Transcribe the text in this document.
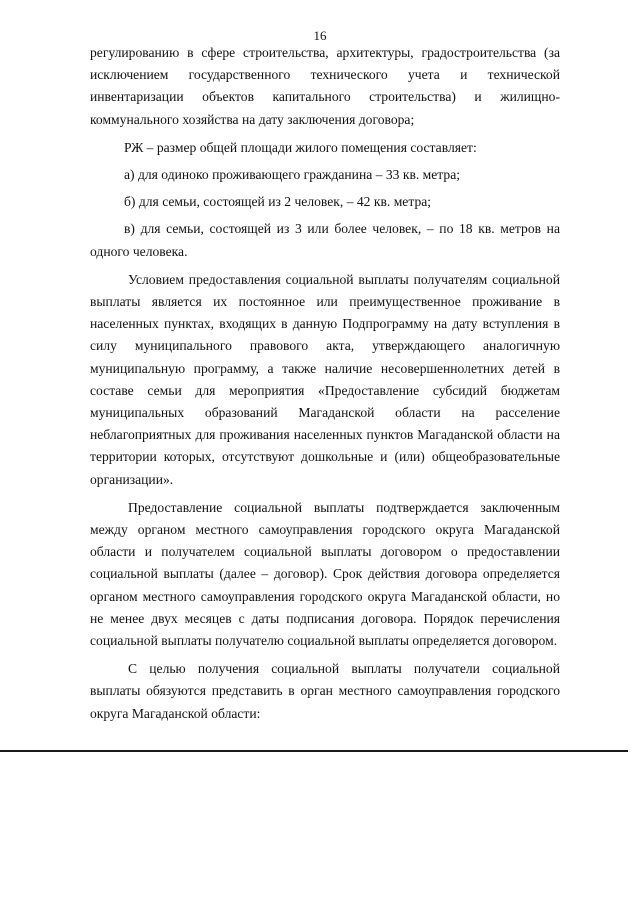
16

регулированию в сфере строительства, архитектуры, градостроительства (за исключением государственного технического учета и технической инвентаризации объектов капитального строительства) и жилищно-коммунального хозяйства на дату заключения договора;

РЖ – размер общей площади жилого помещения составляет:

а) для одиноко проживающего гражданина – 33 кв. метра;

б) для семьи, состоящей из 2 человек, – 42 кв. метра;

в) для семьи, состоящей из 3 или более человек, – по 18 кв. метров на одного человека.

Условием предоставления социальной выплаты получателям социальной выплаты является их постоянное или преимущественное проживание в населенных пунктах, входящих в данную Подпрограмму на дату вступления в силу муниципального правового акта, утверждающего аналогичную муниципальную программу, а также наличие несовершеннолетних детей в составе семьи для мероприятия «Предоставление субсидий бюджетам муниципальных образований Магаданской области на расселение неблагоприятных для проживания населенных пунктов Магаданской области на территории которых, отсутствуют дошкольные и (или) общеобразовательные организации».

Предоставление социальной выплаты подтверждается заключенным между органом местного самоуправления городского округа Магаданской области и получателем социальной выплаты договором о предоставлении социальной выплаты (далее – договор). Срок действия договора определяется органом местного самоуправления городского округа Магаданской области, но не менее двух месяцев с даты подписания договора. Порядок перечисления социальной выплаты получателю социальной выплаты определяется договором.

С целью получения социальной выплаты получатели социальной выплаты обязуются представить в орган местного самоуправления городского округа Магаданской области:
